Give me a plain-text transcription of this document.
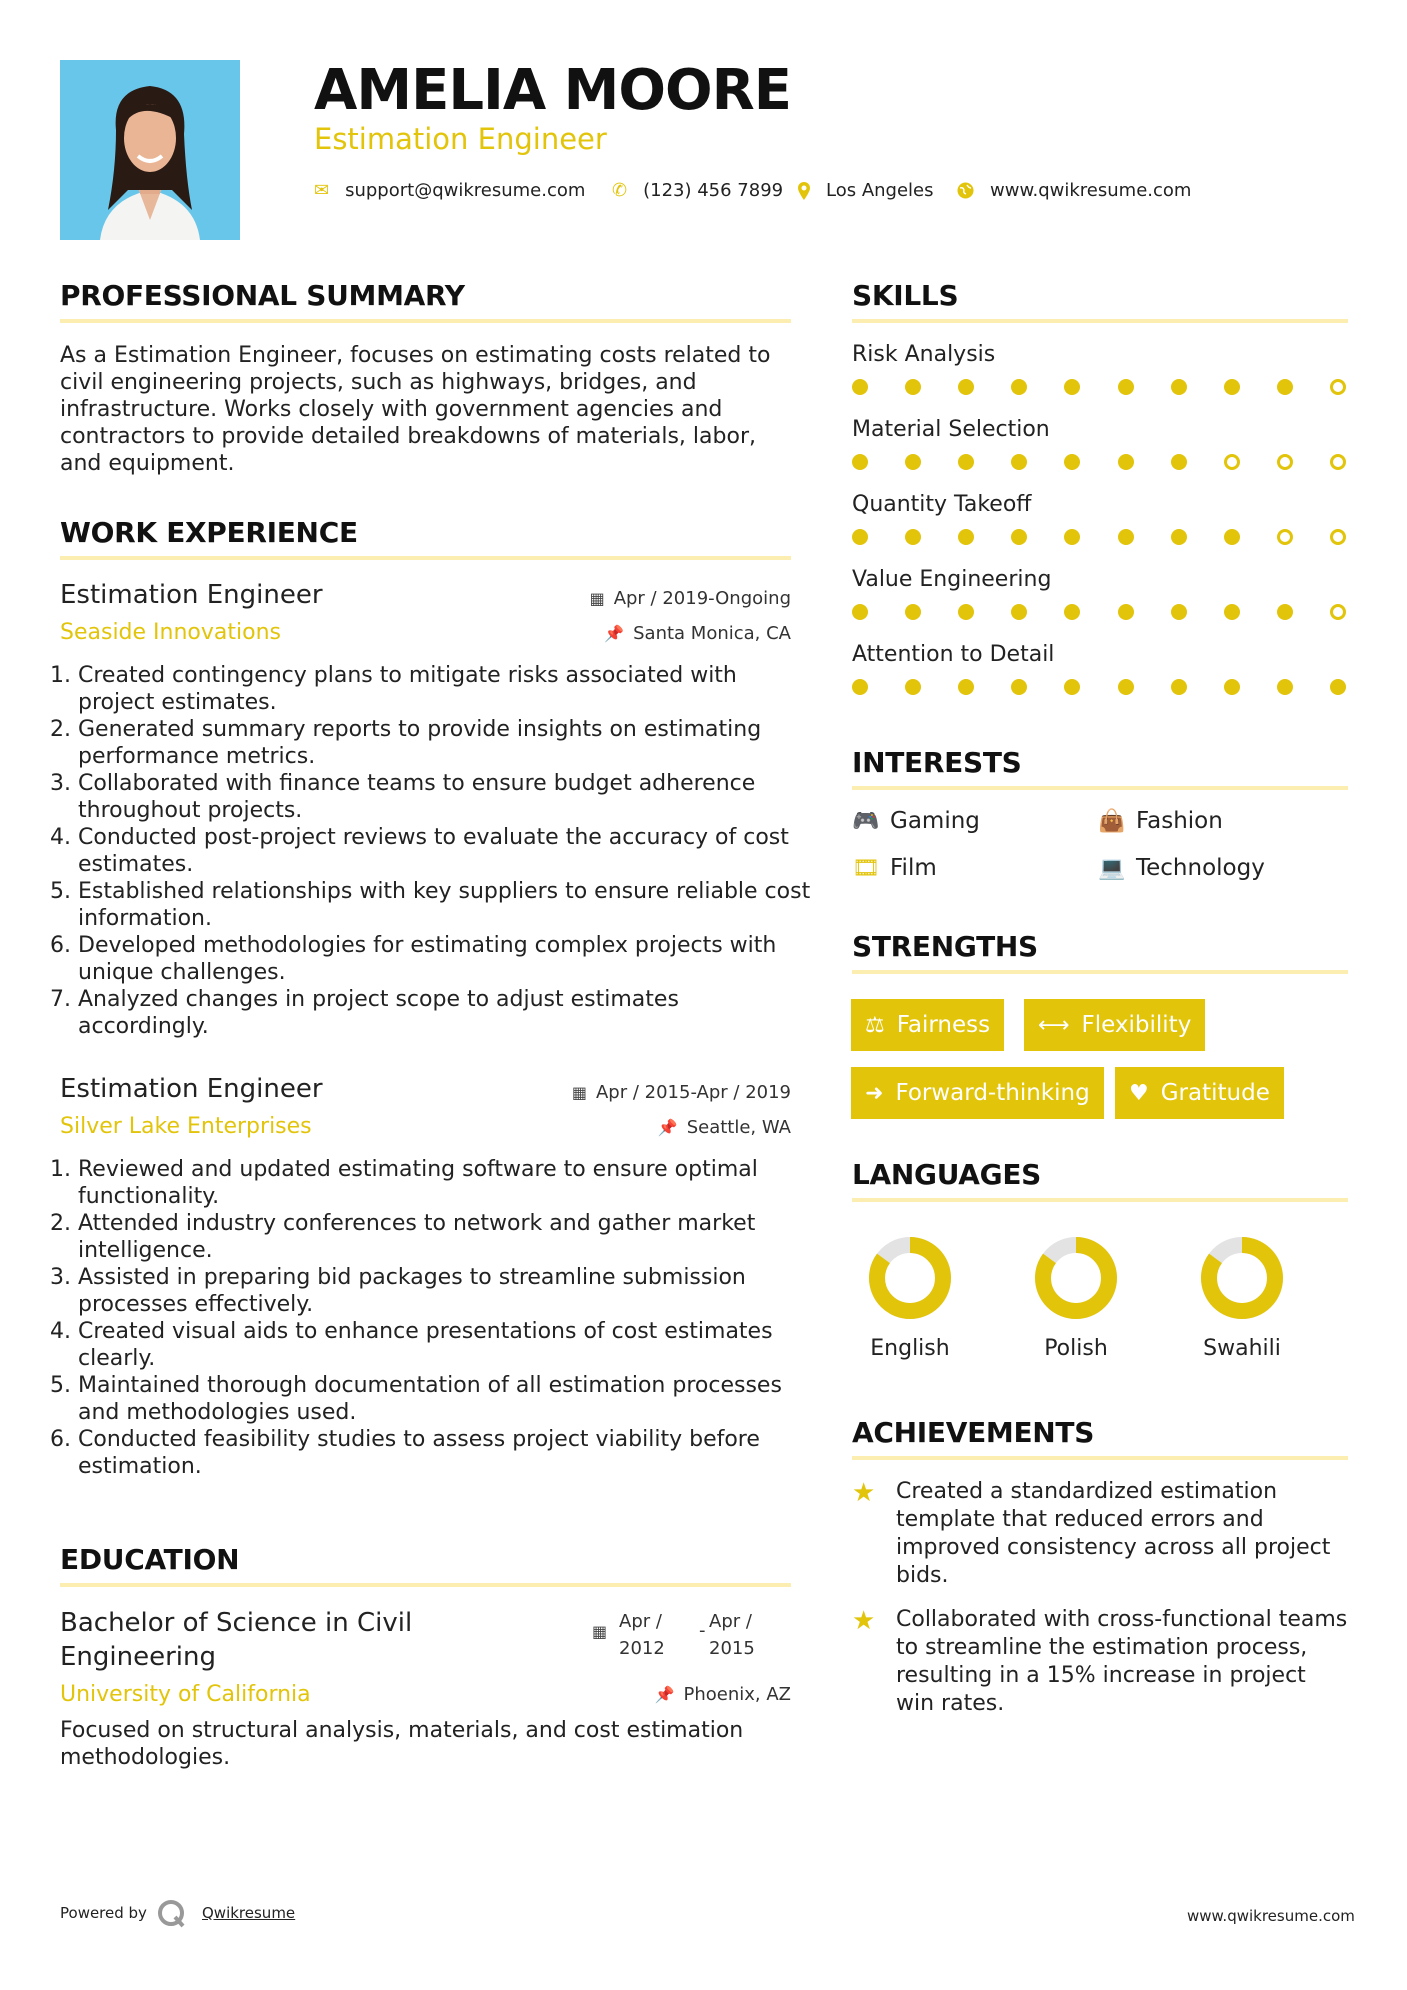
AMELIA MOORE
Estimation Engineer
✉ support@qwikresume.com ✆ (123) 456 7899 Los Angeles	www.qwikresume.com
PROFESSIONAL SUMMARY
As a Estimation Engineer, focuses on estimating costs related to civil engineering projects, such as highways, bridges, and infrastructure. Works closely with government agencies and contractors to provide detailed breakdowns of materials, labor, and equipment.
WORK EXPERIENCE
Estimation Engineer
Seaside Innovations
▦ Apr / 2019-Ongoing
📌 Santa Monica, CA
1. Created contingency plans to mitigate risks associated with project estimates.
2. Generated summary reports to provide insights on estimating performance metrics.
3. Collaborated with finance teams to ensure budget adherence throughout projects.
4. Conducted post-project reviews to evaluate the accuracy of cost estimates.
5. Established relationships with key suppliers to ensure reliable cost information.
6. Developed methodologies for estimating complex projects with unique challenges.
7. Analyzed changes in project scope to adjust estimates accordingly.
Estimation Engineer
Silver Lake Enterprises
▦ Apr / 2015-Apr / 2019
📌 Seattle, WA
1. Reviewed and updated estimating software to ensure optimal functionality.
2. Attended industry conferences to network and gather market intelligence.
3. Assisted in preparing bid packages to streamline submission processes effectively.
4. Created visual aids to enhance presentations of cost estimates clearly.
5. Maintained thorough documentation of all estimation processes and methodologies used.
6. Conducted feasibility studies to assess project viability before estimation.
EDUCATION
Bachelor of Science in Civil
Engineering
University of California
▦ Apr /
2012
- Apr /
2015
📌 Phoenix, AZ
Focused on structural analysis, materials, and cost estimation methodologies.
SKILLS
Risk Analysis
Material Selection
Quantity Takeoff
Value Engineering
Attention to Detail
INTERESTS
🎮 Gaming	👜 Fashion
🎞 Film	💻 Technology
STRENGTHS
⚖ Fairness ⟷ Flexibility
➜ Forward-thinking ♥ Gratitude
LANGUAGES
English	Polish	Swahili
ACHIEVEMENTS
★ Created a standardized estimation template that reduced errors and improved consistency across all project bids.
★ Collaborated with cross-functional teams to streamline the estimation process, resulting in a 15% increase in project win rates.
Powered by	Qwikresume	www.qwikresume.com
